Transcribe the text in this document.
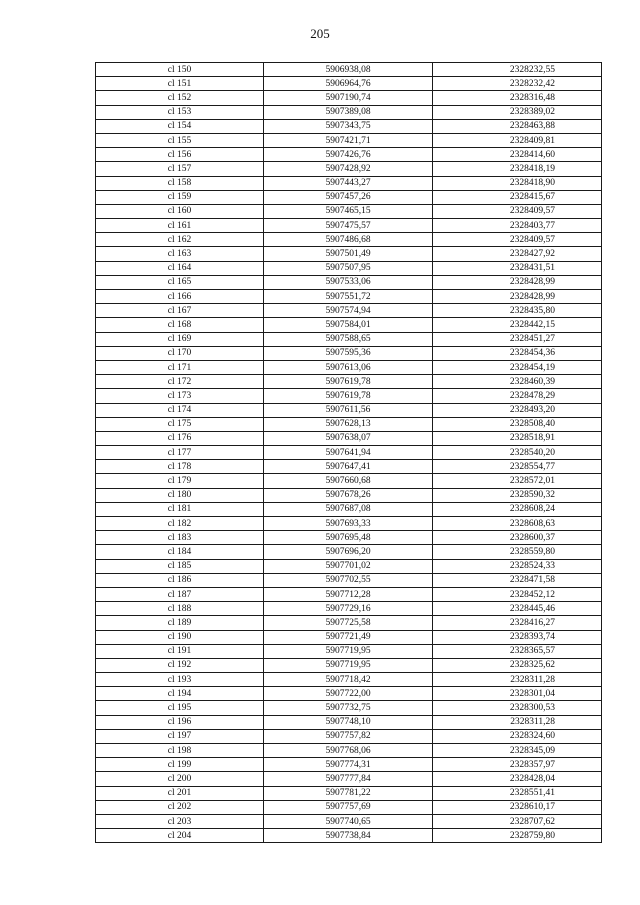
205
cl 150	5906938,08	2328232,55

cl 151	5906964,76	2328232,42

cl 152	5907190,74	2328316,48

cl 153	5907389,08	2328389,02

cl 154	5907343,75	2328463,88

cl 155	5907421,71	2328409,81

cl 156	5907426,76	2328414,60

cl 157	5907428,92	2328418,19

cl 158	5907443,27	2328418,90

cl 159	5907457,26	2328415,67

cl 160	5907465,15	2328409,57

cl 161	5907475,57	2328403,77

cl 162	5907486,68	2328409,57

cl 163	5907501,49	2328427,92

cl 164	5907507,95	2328431,51

cl 165	5907533,06	2328428,99

cl 166	5907551,72	2328428,99

cl 167	5907574,94	2328435,80

cl 168	5907584,01	2328442,15

cl 169	5907588,65	2328451,27

cl 170	5907595,36	2328454,36

cl 171	5907613,06	2328454,19

cl 172	5907619,78	2328460,39

cl 173	5907619,78	2328478,29

cl 174	5907611,56	2328493,20

cl 175	5907628,13	2328508,40

cl 176	5907638,07	2328518,91

cl 177	5907641,94	2328540,20

cl 178	5907647,41	2328554,77

cl 179	5907660,68	2328572,01

cl 180	5907678,26	2328590,32

cl 181	5907687,08	2328608,24

cl 182	5907693,33	2328608,63

cl 183	5907695,48	2328600,37

cl 184	5907696,20	2328559,80

cl 185	5907701,02	2328524,33

cl 186	5907702,55	2328471,58

cl 187	5907712,28	2328452,12

cl 188	5907729,16	2328445,46

cl 189	5907725,58	2328416,27

cl 190	5907721,49	2328393,74

cl 191	5907719,95	2328365,57

cl 192	5907719,95	2328325,62

cl 193	5907718,42	2328311,28

cl 194	5907722,00	2328301,04

cl 195	5907732,75	2328300,53

cl 196	5907748,10	2328311,28

cl 197	5907757,82	2328324,60

cl 198	5907768,06	2328345,09

cl 199	5907774,31	2328357,97

cl 200	5907777,84	2328428,04

cl 201	5907781,22	2328551,41

cl 202	5907757,69	2328610,17

cl 203	5907740,65	2328707,62

cl 204	5907738,84	2328759,80
